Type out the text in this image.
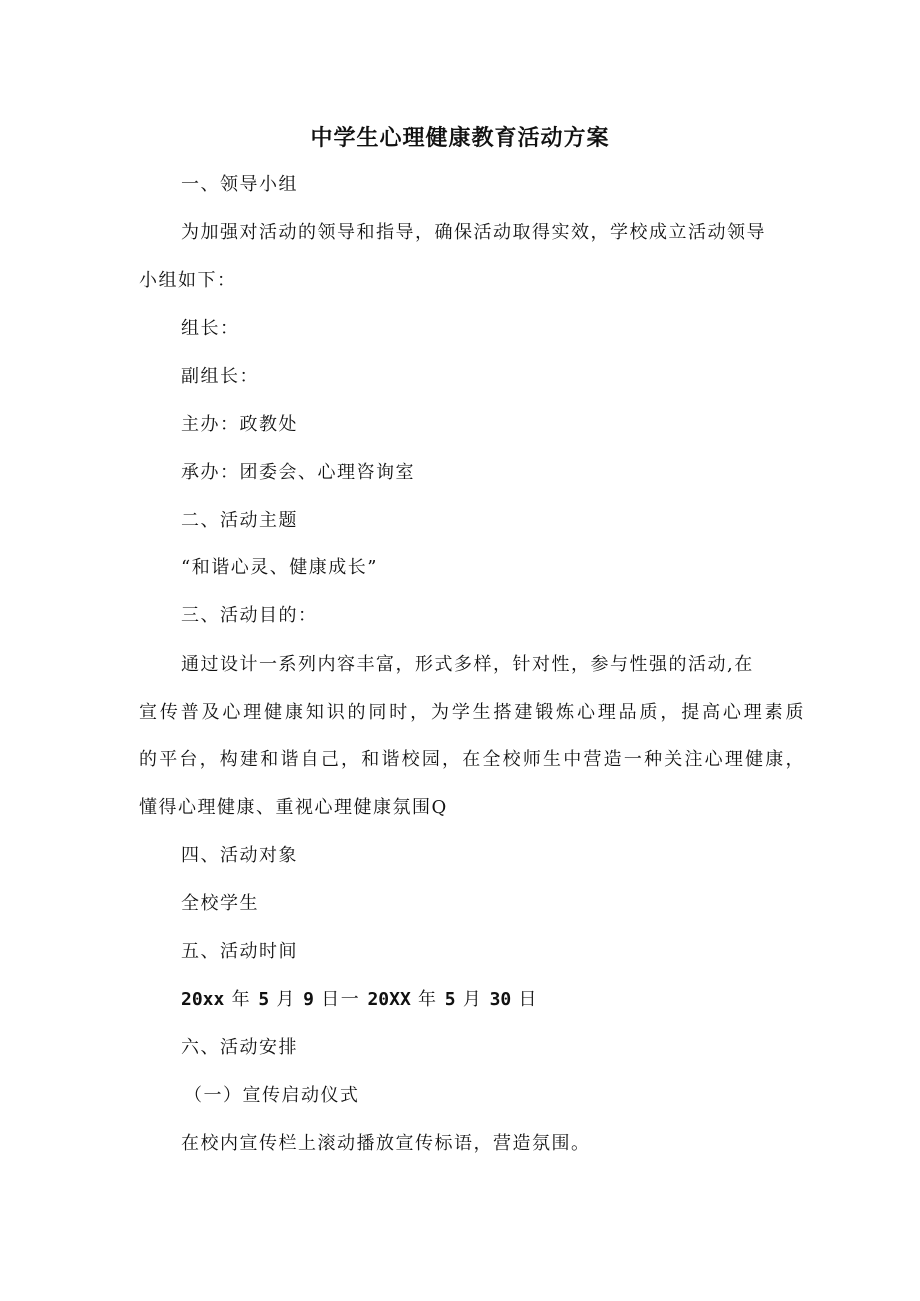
中学生心理健康教育活动方案
一、领导小组
为加强对活动的领导和指导，确保活动取得实效，学校成立活动领导
小组如下：
组长：
副组长：
主办：政教处
承办：团委会、心理咨询室
二、活动主题
“和谐心灵、健康成长”
三、活动目的：
通过设计一系列内容丰富，形式多样，针对性，参与性强的活动,在
宣传普及心理健康知识的同时，为学生搭建锻炼心理品质，提高心理素质
的平台，构建和谐自己，和谐校园，在全校师生中营造一种关注心理健康，
懂得心理健康、重视心理健康氛围Q
四、活动对象
全校学生
五、活动时间
20xx 年 5 月 9 日一 20XX 年 5 月 30 日
六、活动安排
（一）宣传启动仪式
在校内宣传栏上滚动播放宣传标语，营造氛围。
